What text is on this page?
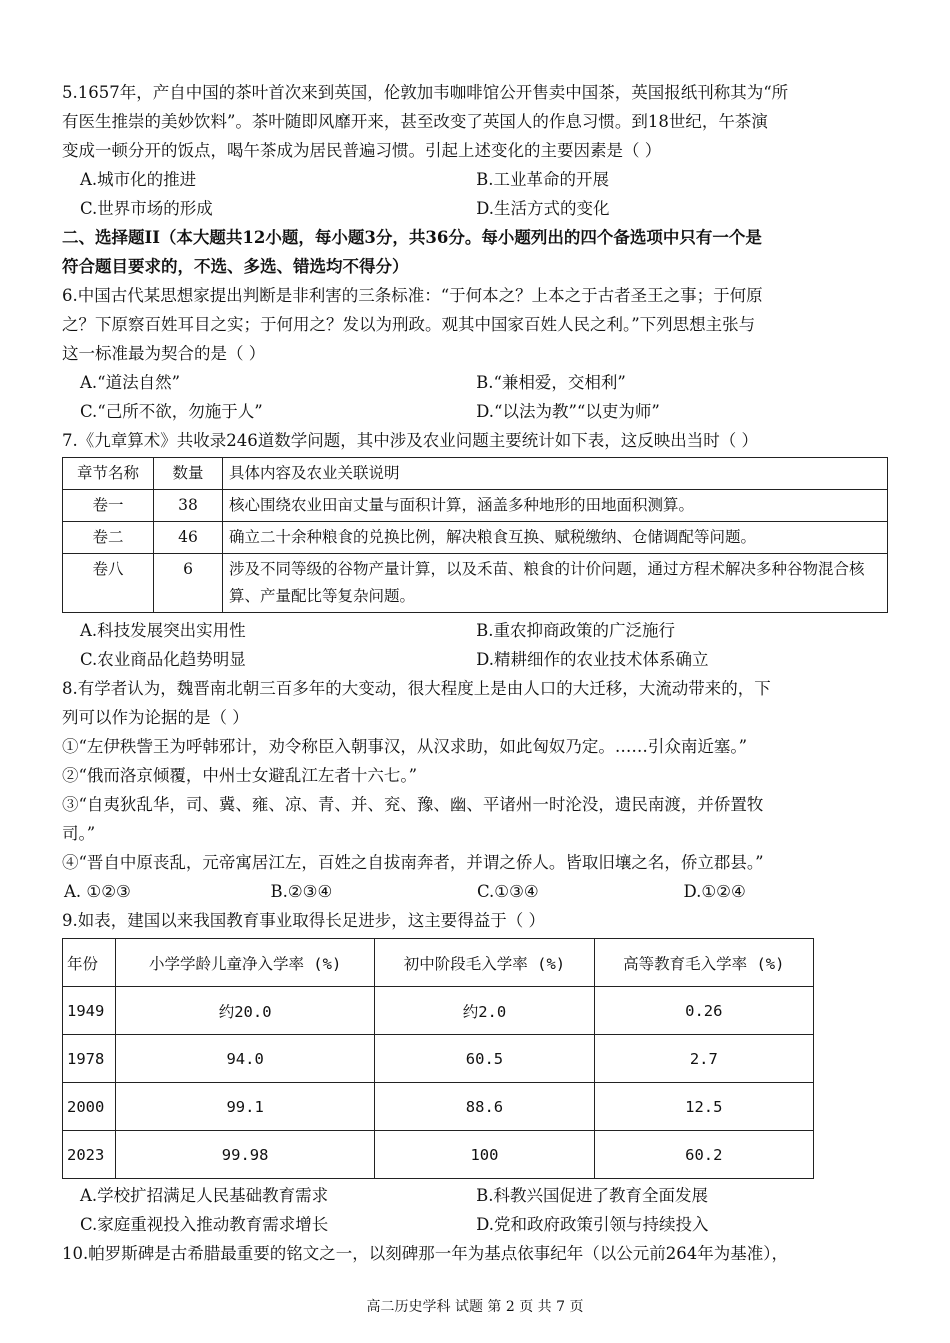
5.1657年，产自中国的茶叶首次来到英国，伦敦加韦咖啡馆公开售卖中国茶，英国报纸刊称其为“所
有医生推崇的美妙饮料”。茶叶随即风靡开来，甚至改变了英国人的作息习惯。到18世纪，午茶演
变成一顿分开的饭点，喝午茶成为居民普遍习惯。引起上述变化的主要因素是（ ）
A.城市化的推进	B.工业革命的开展
C.世界市场的形成	D.生活方式的变化
二、选择题II（本大题共12小题，每小题3分，共36分。每小题列出的四个备选项中只有一个是
符合题目要求的，不选、多选、错选均不得分）
6.中国古代某思想家提出判断是非利害的三条标准：“于何本之？上本之于古者圣王之事；于何原
之？下原察百姓耳目之实；于何用之？发以为刑政。观其中国家百姓人民之利。”下列思想主张与
这一标准最为契合的是（ ）
A.“道法自然”	B.“兼相爱，交相利”
C.“己所不欲，勿施于人”	D.“以法为教”“以吏为师”
7.《九章算术》共收录246道数学问题，其中涉及农业问题主要统计如下表，这反映出当时（ ）
章节名称	数量	具体内容及农业关联说明
卷一	38	核心围绕农业田亩丈量与面积计算，涵盖多种地形的田地面积测算。
卷二	46	确立二十余种粮食的兑换比例，解决粮食互换、赋税缴纳、仓储调配等问题。
卷八	6	涉及不同等级的谷物产量计算，以及禾苗、粮食的计价问题，通过方程术解决多种谷物混合核算、产量配比等复杂问题。
A.科技发展突出实用性	B.重农抑商政策的广泛施行
C.农业商品化趋势明显	D.精耕细作的农业技术体系确立
8.有学者认为，魏晋南北朝三百多年的大变动，很大程度上是由人口的大迁移，大流动带来的，下
列可以作为论据的是（ ）
①“左伊秩訾王为呼韩邪计，劝令称臣入朝事汉，从汉求助，如此匈奴乃定。……引众南近塞。”
②“俄而洛京倾覆，中州士女避乱江左者十六七。”
③“自夷狄乱华，司、冀、雍、凉、青、并、兖、豫、幽、平诸州一时沦没，遗民南渡，并侨置牧
司。”
④“晋自中原丧乱，元帝寓居江左，百姓之自拔南奔者，并谓之侨人。皆取旧壤之名，侨立郡县。”
A. ①②③	B.②③④	C.①③④	D.①②④
9.如表，建国以来我国教育事业取得长足进步，这主要得益于（ ）
年份	小学学龄儿童净入学率 (%)	初中阶段毛入学率 (%)	高等教育毛入学率 (%)
1949	约20.0	约2.0	0.26
1978	94.0	60.5	2.7
2000	99.1	88.6	12.5
2023	99.98	100	60.2
A.学校扩招满足人民基础教育需求	B.科教兴国促进了教育全面发展
C.家庭重视投入推动教育需求增长	D.党和政府政策引领与持续投入
10.帕罗斯碑是古希腊最重要的铭文之一，以刻碑那一年为基点依事纪年（以公元前264年为基准），
高二历史学科 试题 第 2 页 共 7 页
